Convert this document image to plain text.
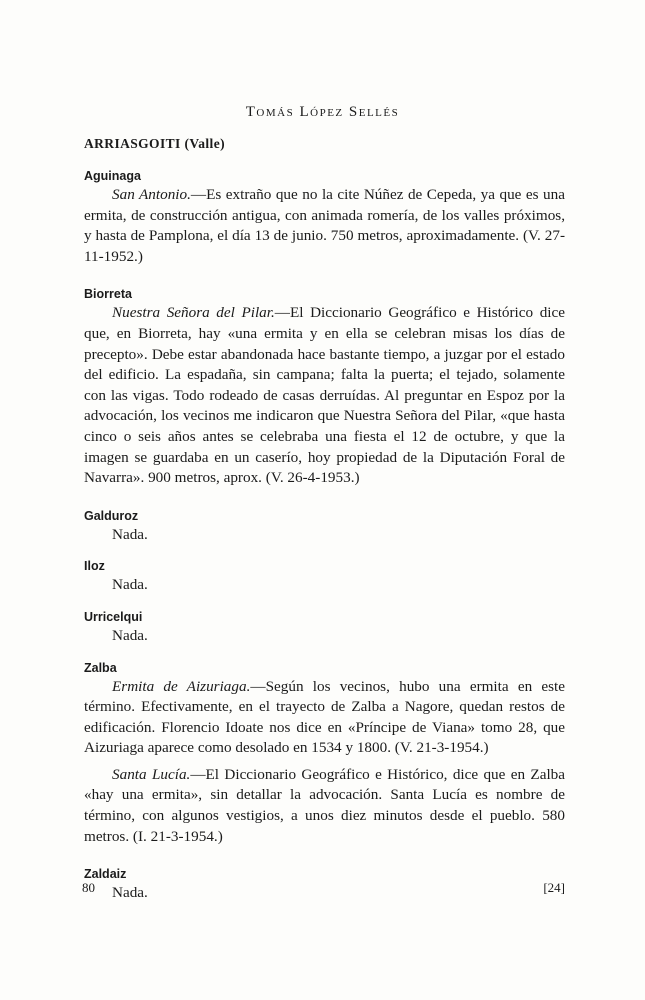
Tomás López Sellés
ARRIASGOITI (Valle)
Aguinaga

San Antonio.—Es extraño que no la cite Núñez de Cepeda, ya que es una ermita, de construcción antigua, con animada romería, de los valles próximos, y hasta de Pamplona, el día 13 de junio. 750 metros, aproximadamente. (V. 27-11-1952.)

Biorreta

Nuestra Señora del Pilar.—El Diccionario Geográfico e Histórico dice que, en Biorreta, hay «una ermita y en ella se celebran misas los días de precepto». Debe estar abandonada hace bastante tiempo, a juzgar por el estado del edificio. La espadaña, sin campana; falta la puerta; el tejado, solamente con las vigas. Todo rodeado de casas derruídas. Al preguntar en Espoz por la advocación, los vecinos me indicaron que Nuestra Señora del Pilar, «que hasta cinco o seis años antes se celebraba una fiesta el 12 de octubre, y que la imagen se guardaba en un caserío, hoy propiedad de la Diputación Foral de Navarra». 900 metros, aprox. (V. 26-4-1953.)

Galduroz

Nada.

Iloz

Nada.

Urricelqui

Nada.

Zalba

Ermita de Aizuriaga.—Según los vecinos, hubo una ermita en este término. Efectivamente, en el trayecto de Zalba a Nagore, quedan restos de edificación. Florencio Idoate nos dice en «Príncipe de Viana» tomo 28, que Aizuriaga aparece como desolado en 1534 y 1800. (V. 21-3-1954.)

Santa Lucía.—El Diccionario Geográfico e Histórico, dice que en Zalba «hay una ermita», sin detallar la advocación. Santa Lucía es nombre de término, con algunos vestigios, a unos diez minutos desde el pueblo. 580 metros. (I. 21-3-1954.)

Zaldaiz

Nada.

80	[24]
